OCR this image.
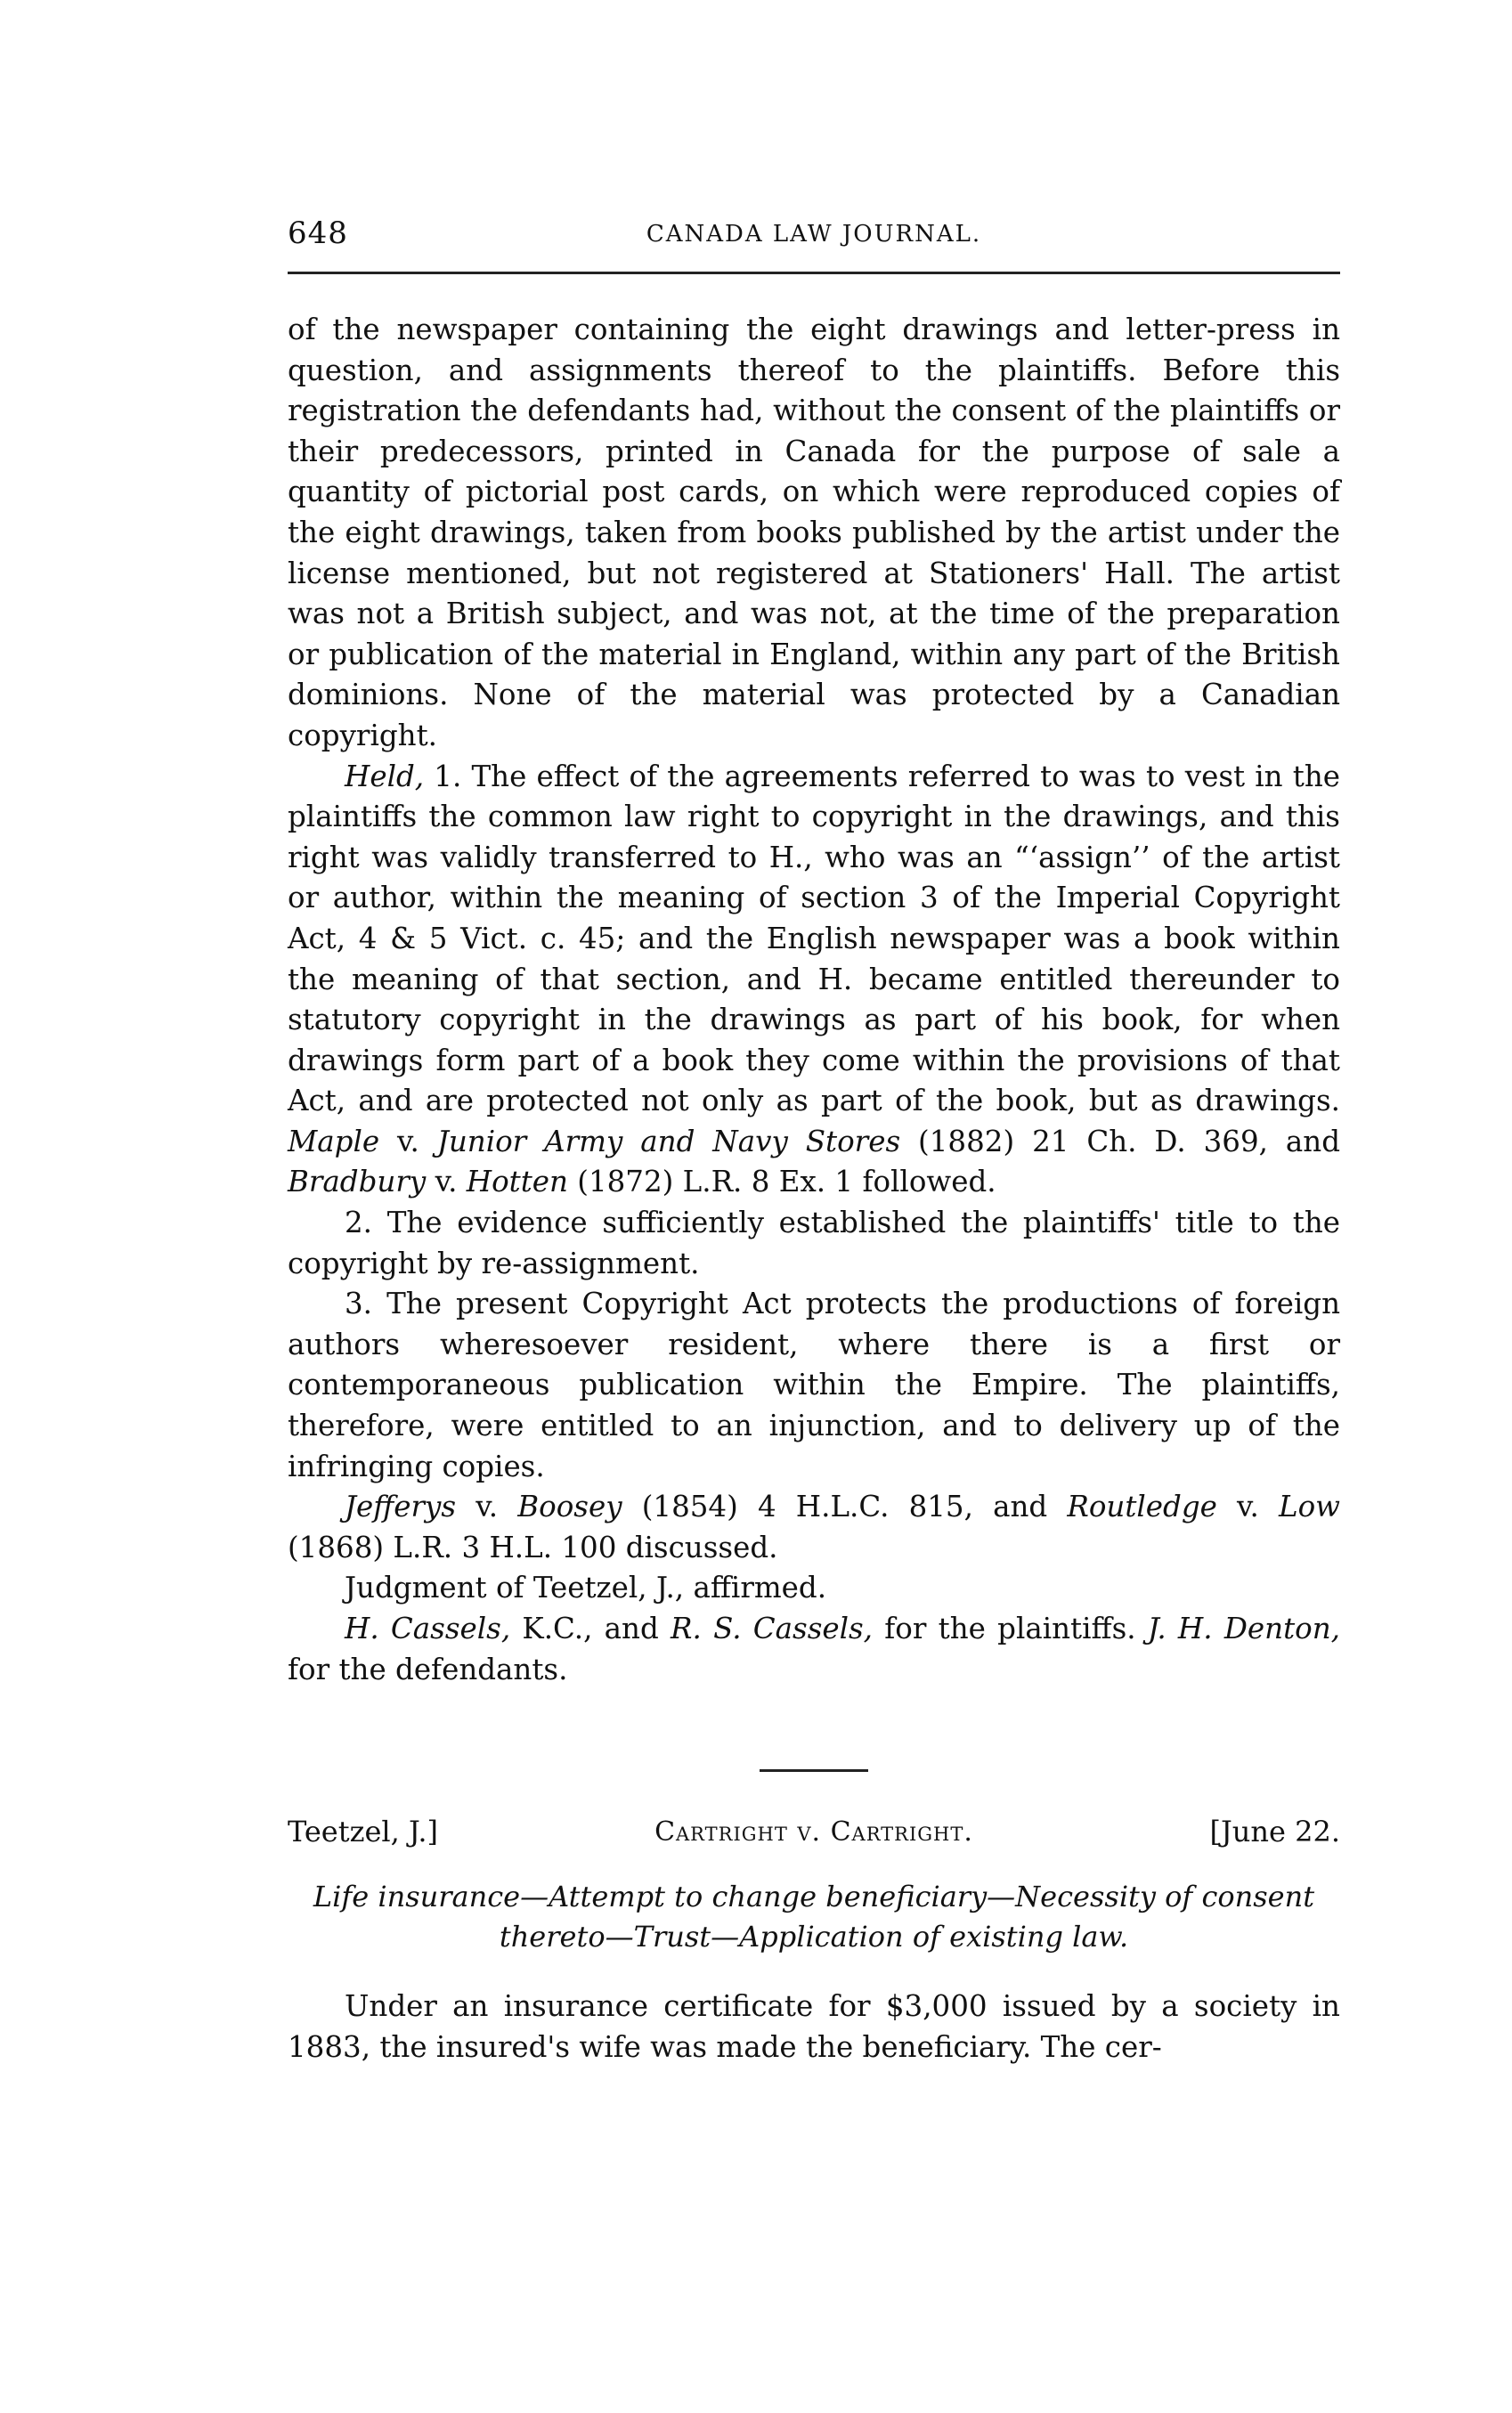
648	CANADA LAW JOURNAL.

of the newspaper containing the eight drawings and letter-press in question, and assignments thereof to the plaintiffs. Before this registration the defendants had, without the consent of the plaintiffs or their predecessors, printed in Canada for the purpose of sale a quantity of pictorial post cards, on which were reproduced copies of the eight drawings, taken from books published by the artist under the license mentioned, but not registered at Stationers' Hall. The artist was not a British subject, and was not, at the time of the preparation or publication of the material in England, within any part of the British dominions. None of the material was protected by a Canadian copyright.

Held, 1. The effect of the agreements referred to was to vest in the plaintiffs the common law right to copyright in the drawings, and this right was validly transferred to H., who was an “‘assign’’ of the artist or author, within the meaning of section 3 of the Imperial Copyright Act, 4 & 5 Vict. c. 45; and the English newspaper was a book within the meaning of that section, and H. became entitled thereunder to statutory copyright in the drawings as part of his book, for when drawings form part of a book they come within the provisions of that Act, and are protected not only as part of the book, but as drawings. Maple v. Junior Army and Navy Stores (1882) 21 Ch. D. 369, and Bradbury v. Hotten (1872) L.R. 8 Ex. 1 followed.

2. The evidence sufficiently established the plaintiffs' title to the copyright by re-assignment.

3. The present Copyright Act protects the productions of foreign authors wheresoever resident, where there is a first or contemporaneous publication within the Empire. The plaintiffs, therefore, were entitled to an injunction, and to delivery up of the infringing copies.

Jefferys v. Boosey (1854) 4 H.L.C. 815, and Routledge v. Low (1868) L.R. 3 H.L. 100 discussed.

Judgment of Teetzel, J., affirmed.

H. Cassels, K.C., and R. S. Cassels, for the plaintiffs. J. H. Denton, for the defendants.

Teetzel, J.]	Cartright v. Cartright.	[June 22.
Life insurance—Attempt to change beneficiary—Necessity of consent thereto—Trust—Application of existing law.

Under an insurance certificate for $3,000 issued by a society in 1883, the insured's wife was made the beneficiary. The cer-
